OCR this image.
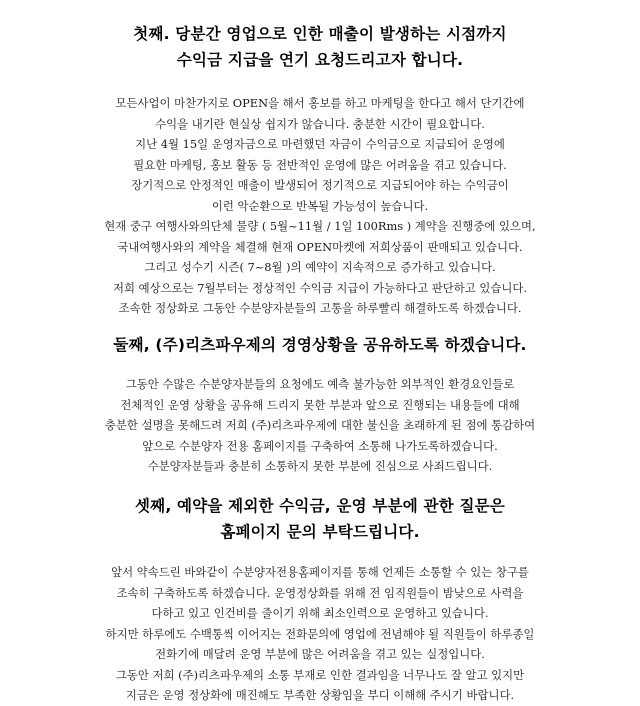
첫째. 당분간 영업으로 인한 매출이 발생하는 시점까지
수익금 지급을 연기 요청드리고자 합니다.
모든사업이 마찬가지로 OPEN을 해서 홍보를 하고 마케팅을 한다고 해서 단기간에
수익을 내기란 현실상 쉽지가 않습니다. 충분한 시간이 필요합니다.
지난 4월 15일 운영자금으로 마련했던 자금이 수익금으로 지급되어 운영에
필요한 마케팅, 홍보 활동 등 전반적인 운영에 많은 어려움을 겪고 있습니다.
장기적으로 안정적인 매출이 발생되어 정기적으로 지급되어야 하는 수익금이
이런 악순환으로 반복될 가능성이 높습니다.
현재 중구 여행사와의단체 물량 ( 5월~11월 / 1일 100Rms ) 계약을 진행중에 있으며,
국내여행사와의 계약을 체결해 현재 OPEN마켓에 저희상품이 판매되고 있습니다.
그리고 성수기 시즌( 7~8월 )의 예약이 지속적으로 증가하고 있습니다.
저희 예상으로는 7월부터는 정상적인 수익금 지급이 가능하다고 판단하고 있습니다.
조속한 정상화로 그동안 수분양자분들의 고통을 하루빨리 해결하도록 하겠습니다.
둘째, (주)리츠파우제의 경영상황을 공유하도록 하겠습니다.
그동안 수많은 수분양자분들의 요청에도 예측 불가능한 외부적인 환경요인들로
전체적인 운영 상황을 공유해 드리지 못한 부분과 앞으로 진행되는 내용들에 대해
충분한 설명을 못해드려 저희 (주)리츠파우제에 대한 불신을 초래하게 된 점에 통감하여
앞으로 수분양자 전용 홈페이지를 구축하여 소통해 나가도록하겠습니다.
수분양자분들과 충분히 소통하지 못한 부분에 진심으로 사죄드립니다.
셋째, 예약을 제외한 수익금, 운영 부분에 관한 질문은
홈페이지 문의 부탁드립니다.
앞서 약속드린 바와같이 수분양자전용홈페이지를 통해 언제든 소통할 수 있는 창구를
조속히 구축하도록 하겠습니다. 운영정상화를 위해 전 임직원들이 밤낮으로 사력을
다하고 있고 인건비를 줄이기 위해 최소인력으로 운영하고 있습니다.
하지만 하루에도 수백통씩 이어지는 전화문의에 영업에 전념해야 될 직원들이 하루종일
전화기에 매달려 운영 부분에 많은 어려움을 겪고 있는 실정입니다.
그동안 저희 (주)리츠파우제의 소통 부재로 인한 결과임을 너무나도 잘 알고 있지만
지금은 운영 정상화에 매진해도 부족한 상황임을 부디 이해해 주시기 바랍니다.
